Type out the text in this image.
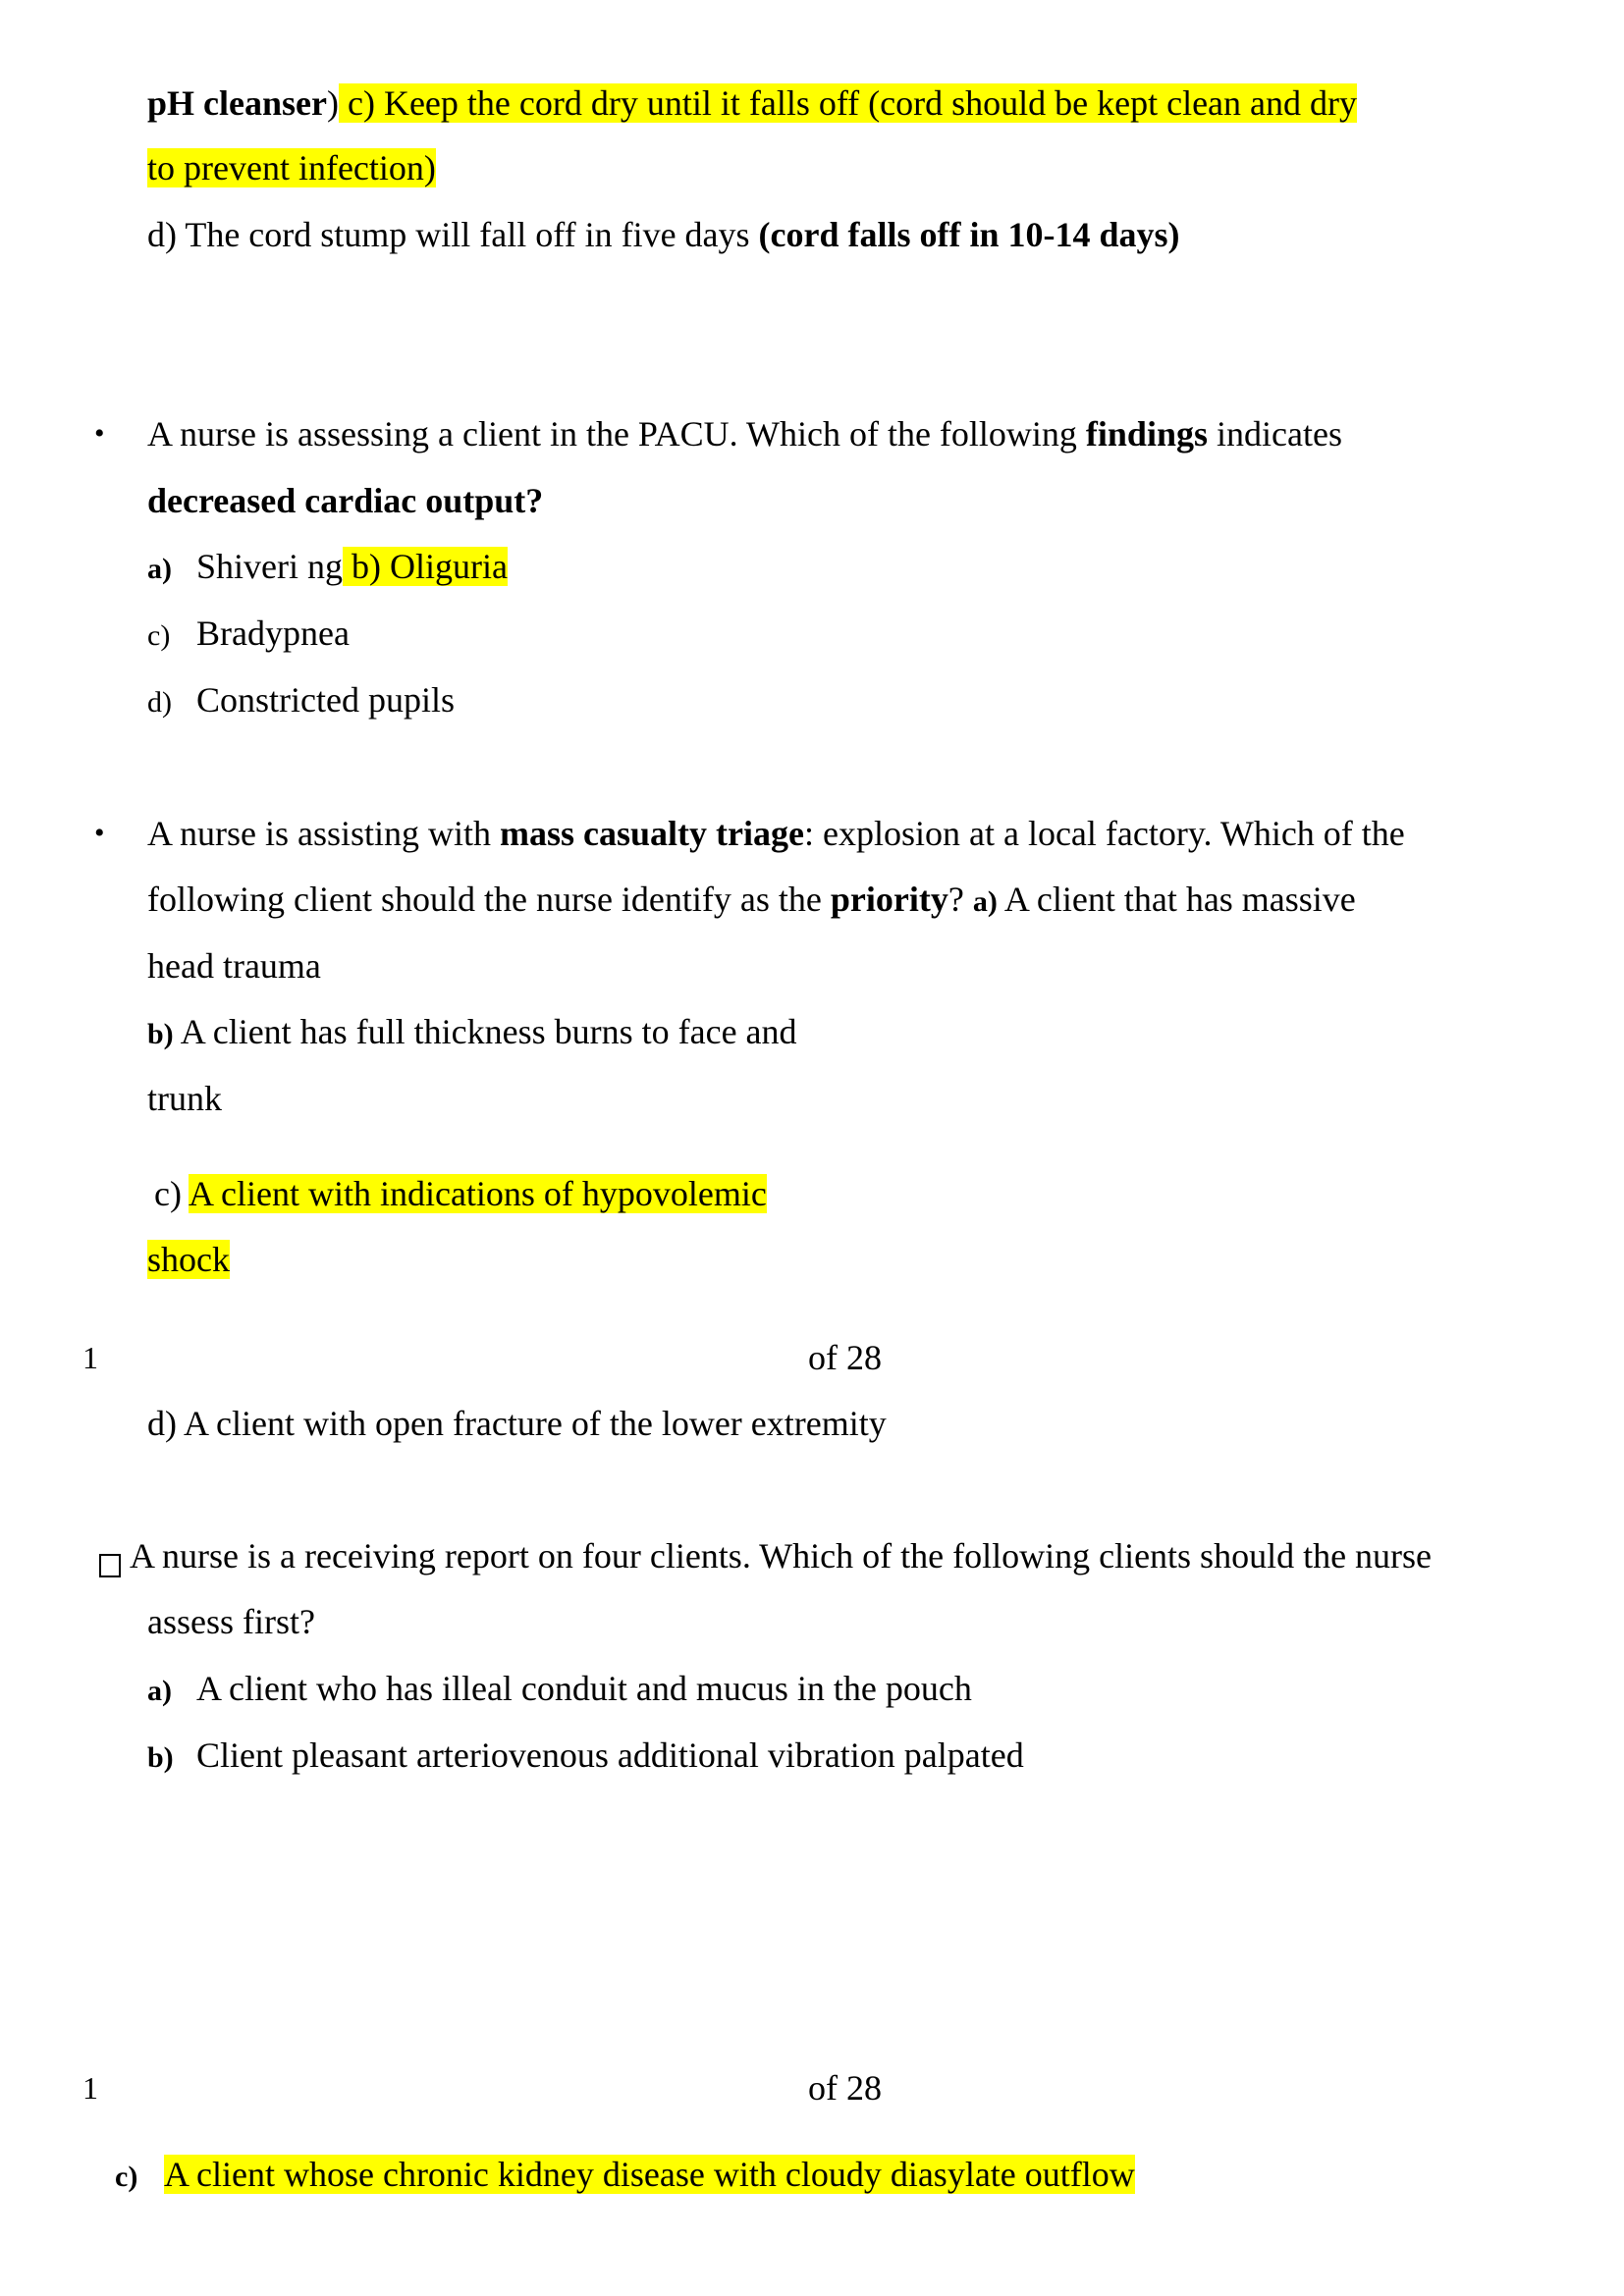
pH cleanser) c) Keep the cord dry until it falls off (cord should be kept clean and dry
to prevent infection)
d) The cord stump will fall off in five days (cord falls off in 10-14 days)
• A nurse is assessing a client in the PACU. Which of the following findings indicates
decreased cardiac output?
a) Shiveri ng b) Oliguria
c) Bradypnea
d) Constricted pupils
• A nurse is assisting with mass casualty triage: explosion at a local factory. Which of the
following client should the nurse identify as the priority? a) A client that has massive
head trauma
b) A client has full thickness burns to face and
trunk
c) A client with indications of hypovolemic
shock
1	of 28
d) A client with open fracture of the lower extremity
A nurse is a receiving report on four clients. Which of the following clients should the nurse
assess first?
a) A client who has illeal conduit and mucus in the pouch
b) Client pleasant arteriovenous additional vibration palpated
1	of 28
c) A client whose chronic kidney disease with cloudy diasylate outflow
